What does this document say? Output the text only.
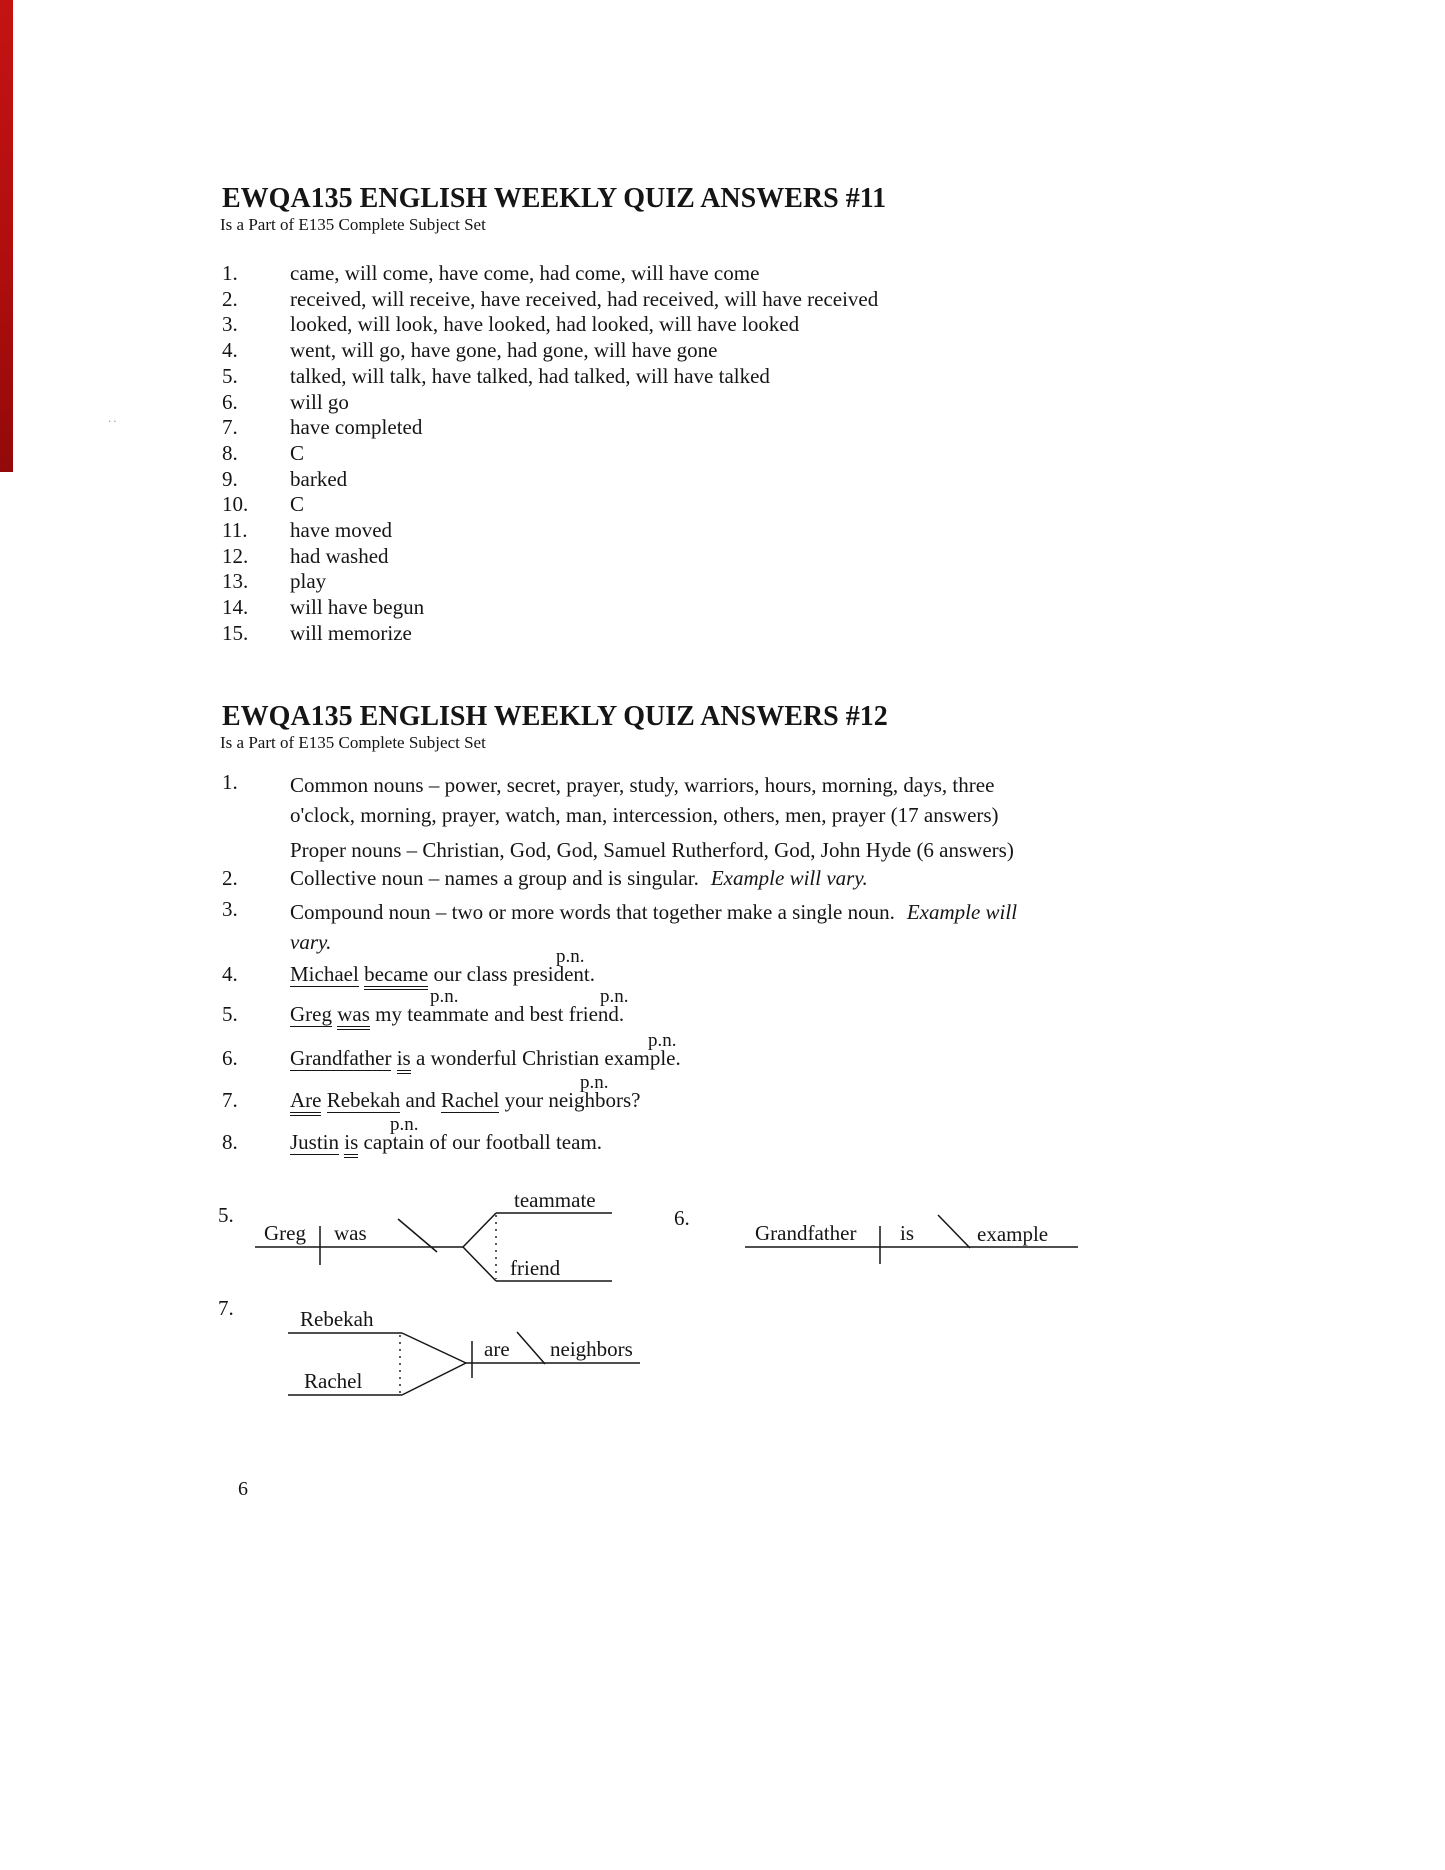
..
EWQA135 ENGLISH WEEKLY QUIZ ANSWERS #11
Is a Part of E135 Complete Subject Set
1. came, will come, have come, had come, will have come
2. received, will receive, have received, had received, will have received
3. looked, will look, have looked, had looked, will have looked
4. went, will go, have gone, had gone, will have gone
5. talked, will talk, have talked, had talked, will have talked
6. will go
7. have completed
8. C
9. barked
10. C
11. have moved
12. had washed
13. play
14. will have begun
15. will memorize
EWQA135 ENGLISH WEEKLY QUIZ ANSWERS #12
Is a Part of E135 Complete Subject Set
1.	Common nouns – power, secret, prayer, study, warriors, hours, morning, days, three
o'clock, morning, prayer, watch, man, intercession, others, men, prayer (17 answers)
Proper nouns – Christian, God, God, Samuel Rutherford, God, John Hyde (6 answers)
2. Collective noun – names a group and is singular. Example will vary.
3.	Compound noun – two or more words that together make a single noun. Example will
vary.
p.n.
4. Michael became our class president.
p.n.	p.n.
5. Greg was my teammate and best friend.
p.n.
6. Grandfather is a wonderful Christian example.
p.n.
7. Are Rebekah and Rachel your neighbors?
p.n.
8. Justin is captain of our football team.
5.
Greg was
teammate
friend
6.
Grandfather is	example
7.	Rebekah
Rachel
are neighbors
6
